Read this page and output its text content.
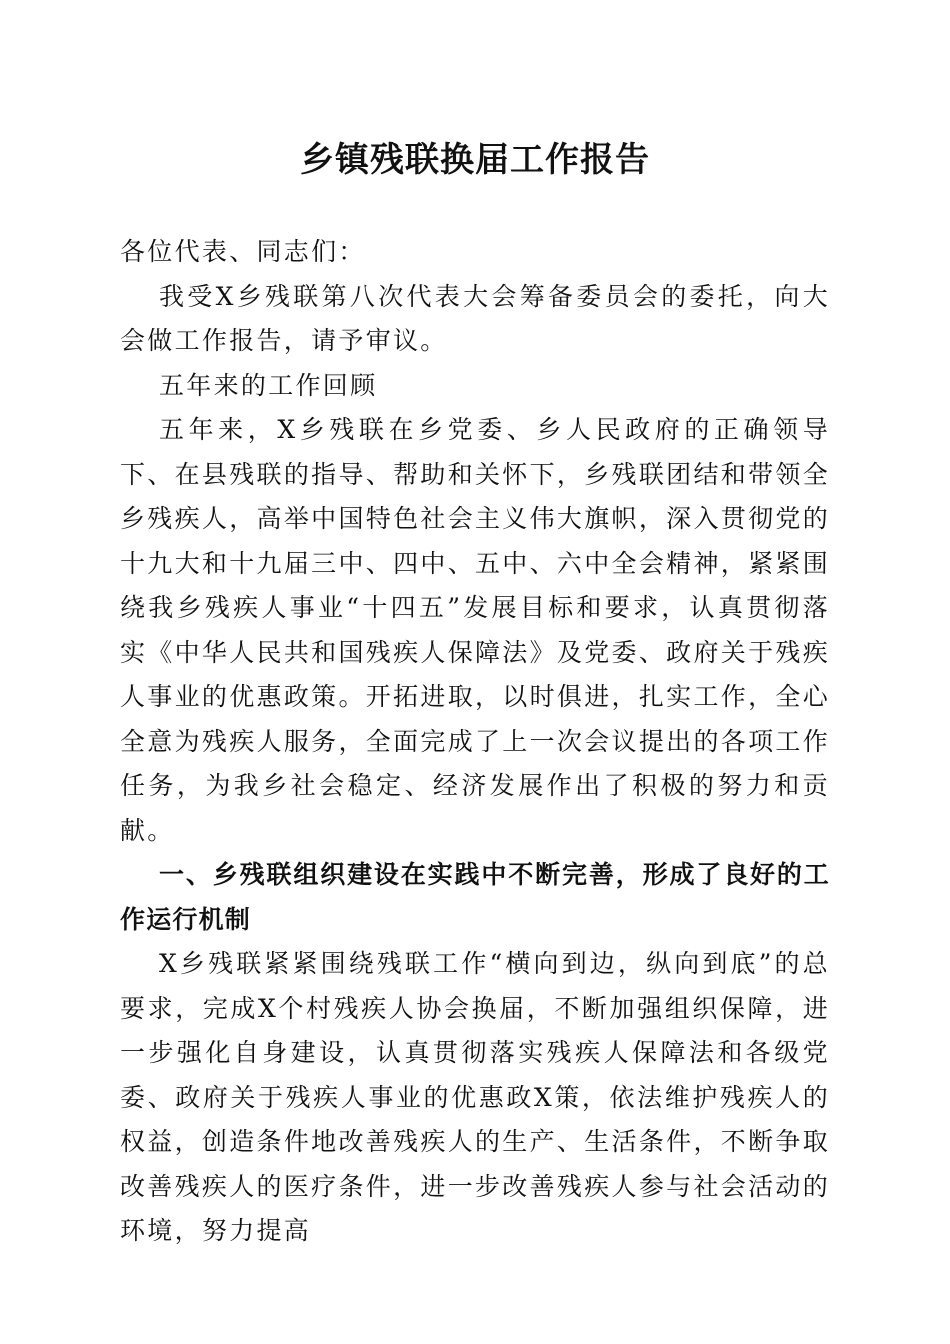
乡镇残联换届工作报告

各位代表、同志们：

我受X乡残联第八次代表大会筹备委员会的委托，向大会做工作报告，请予审议。

五年来的工作回顾

五年来，X乡残联在乡党委、乡人民政府的正确领导下、在县残联的指导、帮助和关怀下，乡残联团结和带领全乡残疾人，高举中国特色社会主义伟大旗帜，深入贯彻党的十九大和十九届三中、四中、五中、六中全会精神，紧紧围绕我乡残疾人事业“十四五”发展目标和要求，认真贯彻落实《中华人民共和国残疾人保障法》及党委、政府关于残疾人事业的优惠政策。开拓进取，以时俱进，扎实工作，全心全意为残疾人服务，全面完成了上一次会议提出的各项工作任务，为我乡社会稳定、经济发展作出了积极的努力和贡献。

一、乡残联组织建设在实践中不断完善，形成了良好的工作运行机制

X乡残联紧紧围绕残联工作“横向到边，纵向到底”的总要求，完成X个村残疾人协会换届，不断加强组织保障，进一步强化自身建设，认真贯彻落实残疾人保障法和各级党委、政府关于残疾人事业的优惠政X策，依法维护残疾人的权益，创造条件地改善残疾人的生产、生活条件，不断争取改善残疾人的医疗条件，进一步改善残疾人参与社会活动的环境，努力提高
